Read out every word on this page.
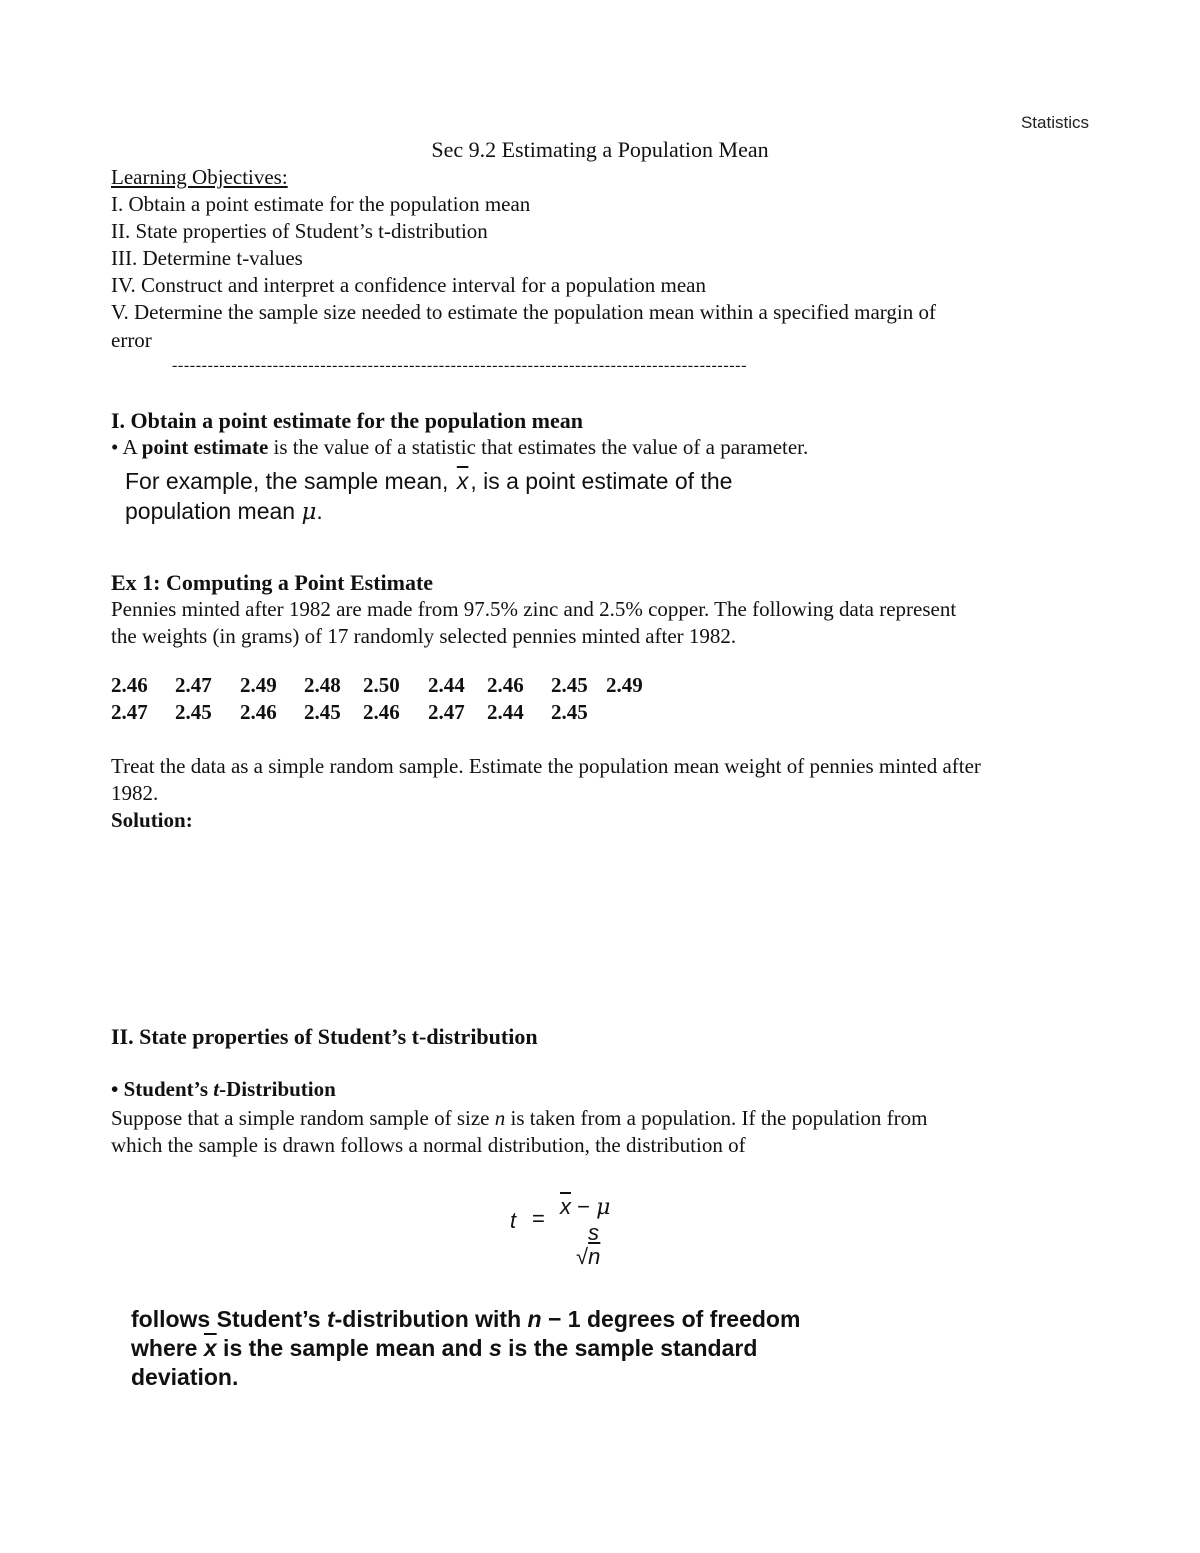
Statistics
Sec 9.2 Estimating a Population Mean
Learning Objectives:
I. Obtain a point estimate for the population mean
II. State properties of Student’s t-distribution
III. Determine t-values
IV. Construct and interpret a confidence interval for a population mean
V. Determine the sample size needed to estimate the population mean within a specified margin of
error
-------------------------------------------------------------------------------------------------
I. Obtain a point estimate for the population mean
• A point estimate is the value of a statistic that estimates the value of a parameter.
For example, the sample mean, $\overline{x}$, is a point estimate of the
population mean μ.
Ex 1: Computing a Point Estimate
Pennies minted after 1982 are made from 97.5% zinc and 2.5% copper. The following data represent
the weights (in grams) of 17 randomly selected pennies minted after 1982.
2.46 2.47 2.49 2.48 2.50 2.44 2.46 2.45 2.49
2.47 2.45 2.46 2.45 2.46 2.47 2.44 2.45
Treat the data as a simple random sample. Estimate the population mean weight of pennies minted after
1982.
Solution:
II. State properties of Student’s t-distribution
• Student’s t-Distribution
Suppose that a simple random sample of size n is taken from a population. If the population from
which the sample is drawn follows a normal distribution, the distribution of
$t = \overline{x} - \mu$
s
√n
follows Student’s t-distribution with n − 1 degrees of freedom
where $\overline{x}$ is the sample mean and s is the sample standard
deviation.
